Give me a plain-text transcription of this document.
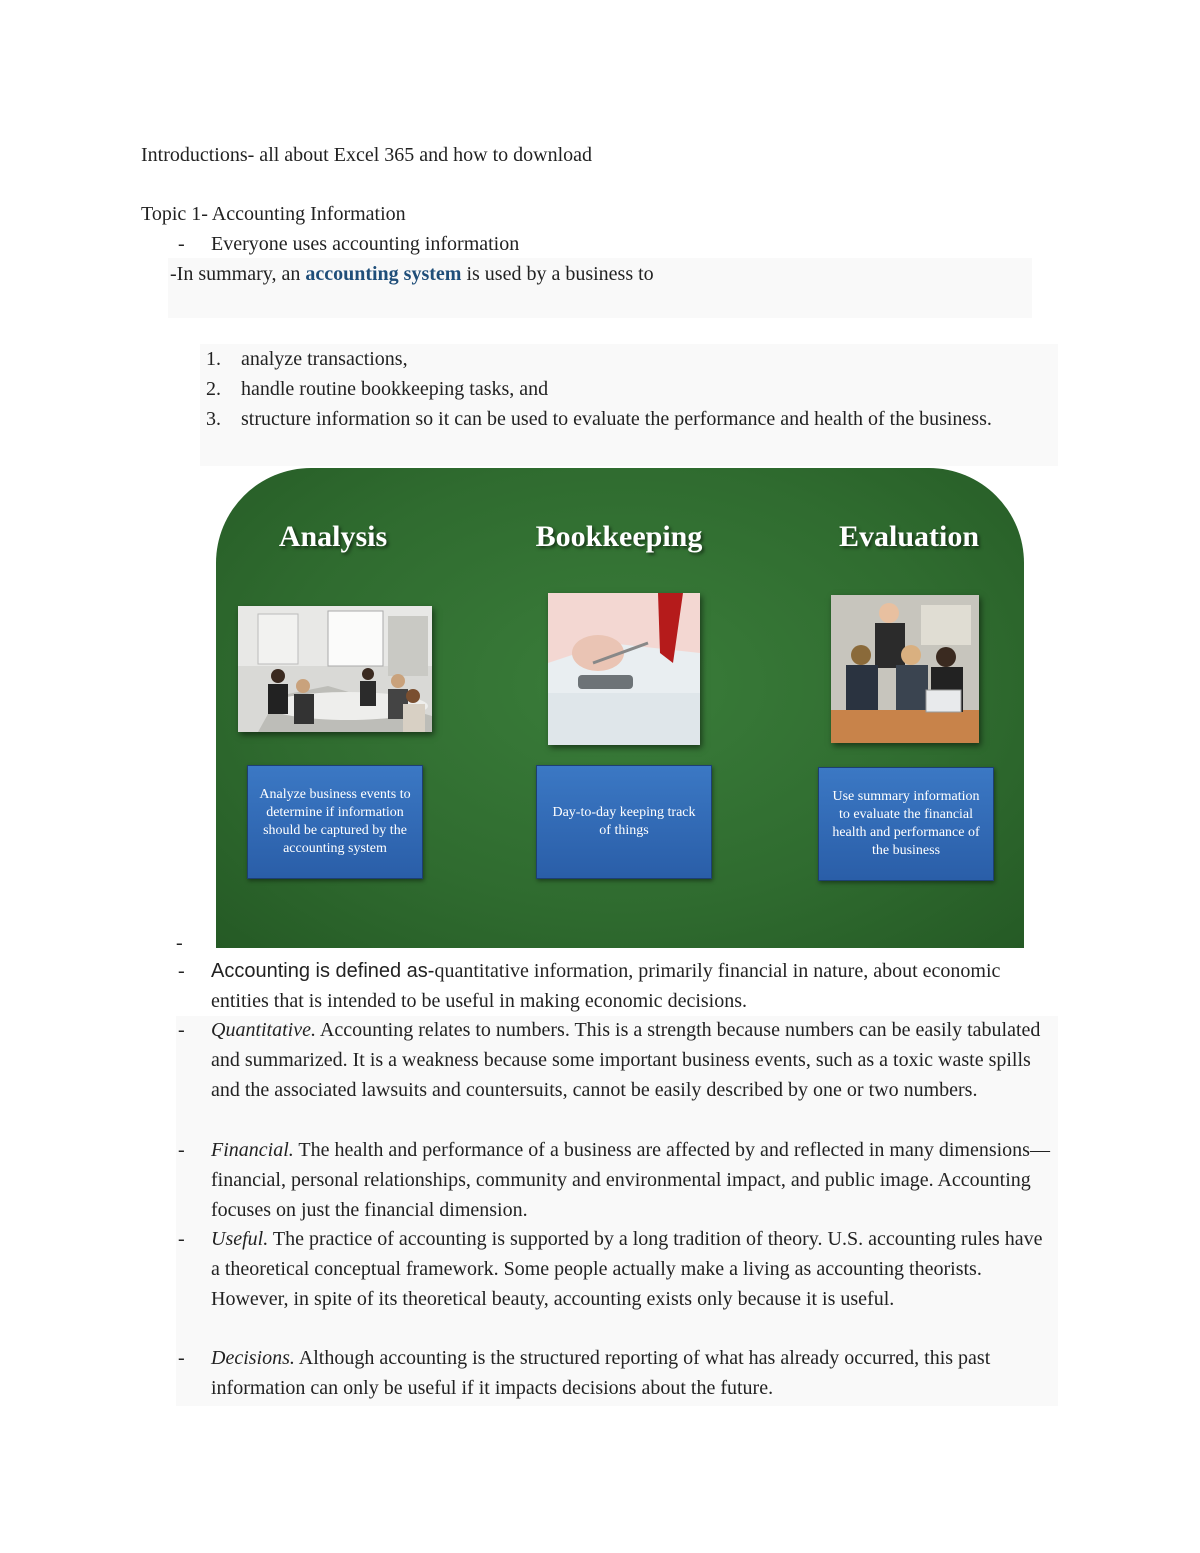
Introductions- all about Excel 365 and how to download
Topic 1- Accounting Information
- Everyone uses accounting information
-In summary, an accounting system is used by a business to
1. analyze transactions,
2. handle routine bookkeeping tasks, and
3. structure information so it can be used to evaluate the performance and health of the business.
Analysis	Bookkeeping	Evaluation
Analyze business events to determine if information should be captured by the accounting system
Day-to-day keeping track of things
Use summary information to evaluate the financial health and performance of the business
-
- Accounting is defined as-quantitative information, primarily financial in nature, about economic entities that is intended to be useful in making economic decisions.
- Quantitative. Accounting relates to numbers. This is a strength because numbers can be easily tabulated and summarized. It is a weakness because some important business events, such as a toxic waste spills and the associated lawsuits and countersuits, cannot be easily described by one or two numbers.
- Financial. The health and performance of a business are affected by and reflected in many dimensions—financial, personal relationships, community and environmental impact, and public image. Accounting focuses on just the financial dimension.
- Useful. The practice of accounting is supported by a long tradition of theory. U.S. accounting rules have a theoretical conceptual framework. Some people actually make a living as accounting theorists. However, in spite of its theoretical beauty, accounting exists only because it is useful.
- Decisions. Although accounting is the structured reporting of what has already occurred, this past information can only be useful if it impacts decisions about the future.
